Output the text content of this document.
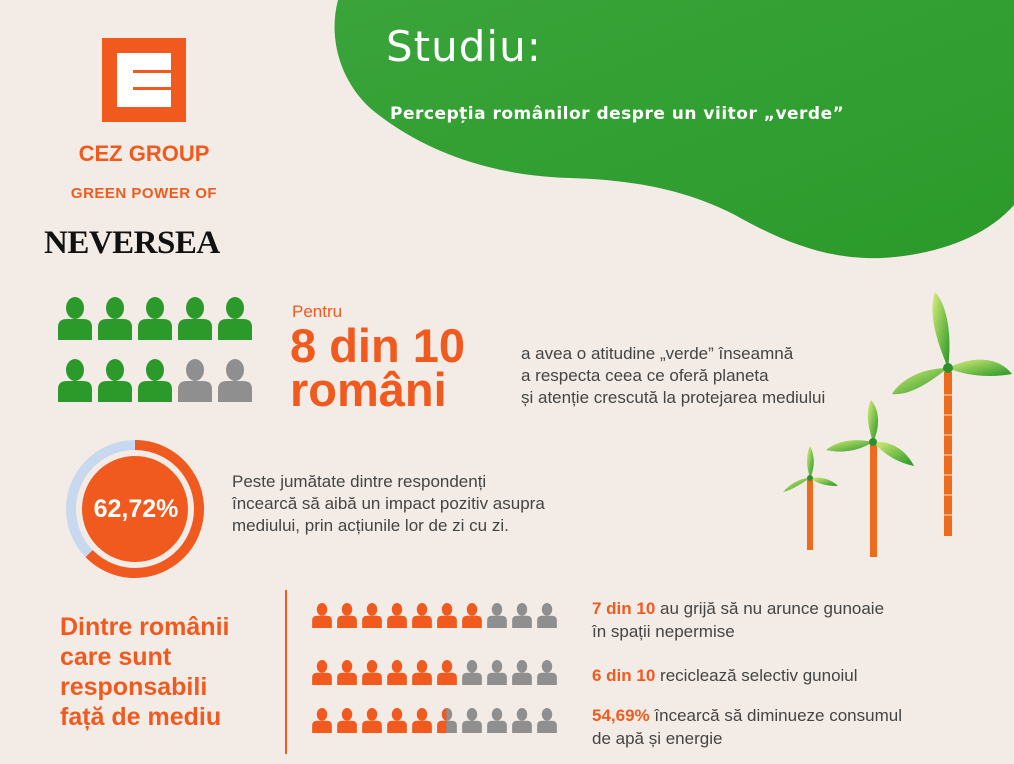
Studiu:
Percepția românilor despre un viitor „verde”
CEZ GROUP
GREEN POWER OF
NEVERSEA
Pentru
8 din 10
români
a avea o atitudine „verde” înseamnă
a respecta ceea ce oferă planeta
și atenție crescută la protejarea mediului
62,72%
Peste jumătate dintre respondenți
încearcă să aibă un impact pozitiv asupra
mediului, prin acțiunile lor de zi cu zi.
Dintre românii
care sunt
responsabili
față de mediu
7 din 10 au grijă să nu arunce gunoaie
în spații nepermise
6 din 10 reciclează selectiv gunoiul
54,69% încearcă să diminueze consumul
de apă și energie
